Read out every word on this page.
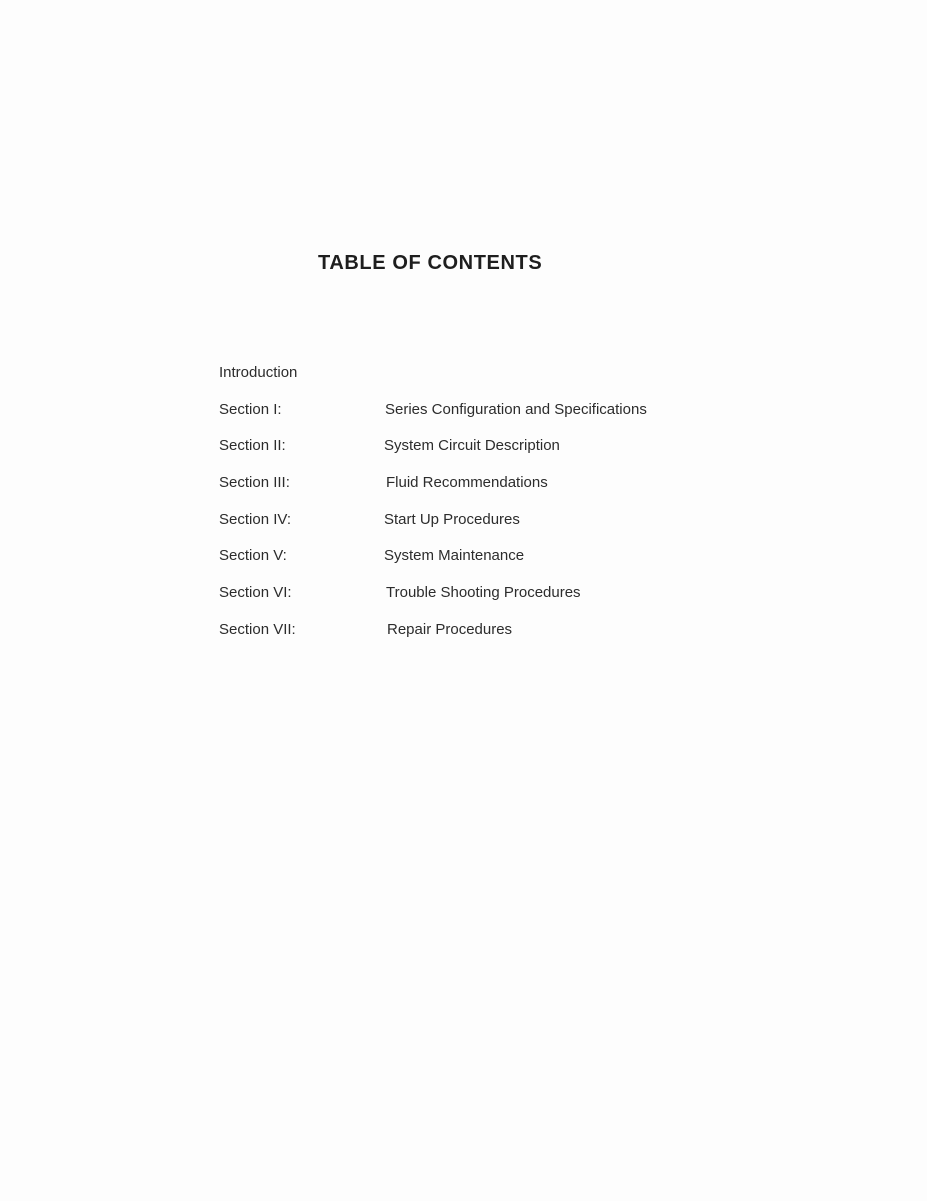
TABLE OF CONTENTS
Introduction
Section I:	Series Configuration and Specifications
Section II:	System Circuit Description
Section III:	Fluid Recommendations
Section IV:	Start Up Procedures
Section V:	System Maintenance
Section VI:	Trouble Shooting Procedures
Section VII:	Repair Procedures
